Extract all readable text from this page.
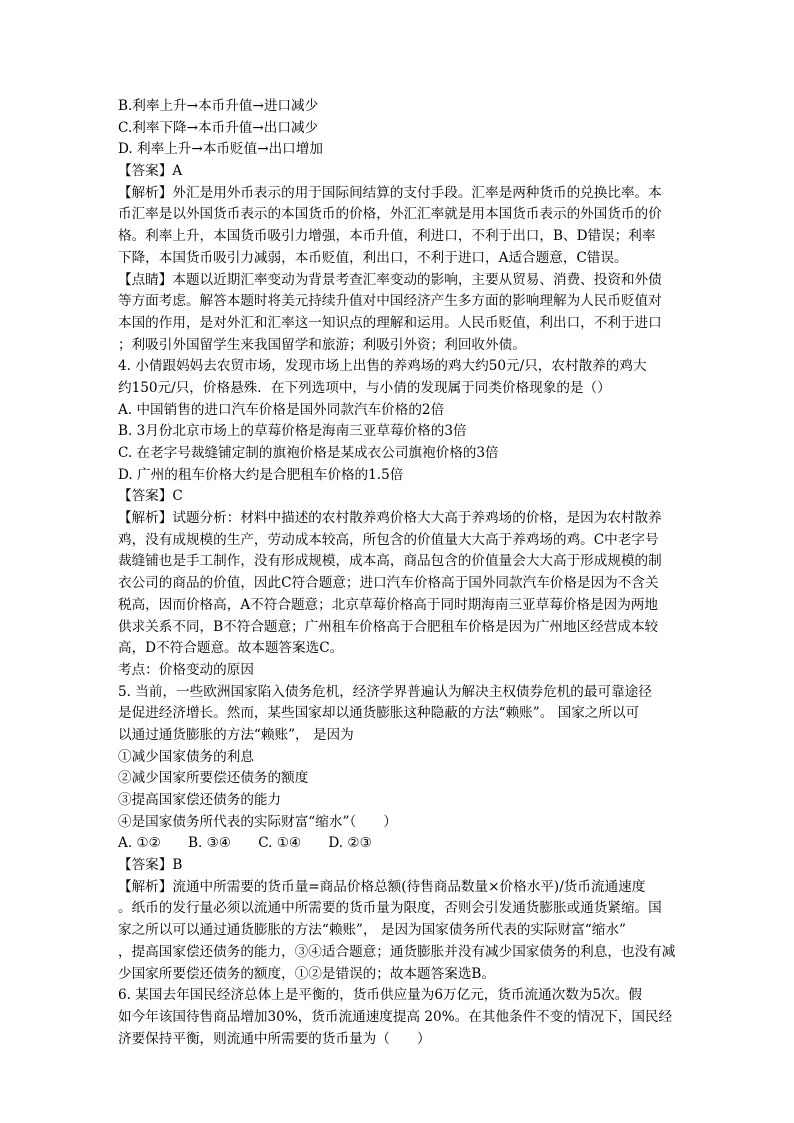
B.利率上升→本币升值→进口减少
C.利率下降→本币升值→出口减少
D. 利率上升→本币贬值→出口增加
【答案】A
【解析】外汇是用外币表示的用于国际间结算的支付手段。汇率是两种货币的兑换比率。本
币汇率是以外国货币表示的本国货币的价格，外汇汇率就是用本国货币表示的外国货币的价
格。利率上升，本国货币吸引力增强，本币升值，利进口，不利于出口，B、D错误；利率
下降，本国货币吸引力减弱，本币贬值，利出口，不利于进口，A适合题意，C错误。
【点睛】本题以近期汇率变动为背景考查汇率变动的影响，主要从贸易、消费、投资和外债
等方面考虑。解答本题时将美元持续升值对中国经济产生多方面的影响理解为人民币贬值对
本国的作用，是对外汇和汇率这一知识点的理解和运用。人民币贬值，利出口，不利于进口
；利吸引外国留学生来我国留学和旅游；利吸引外资；利回收外债。
4. 小倩跟妈妈去农贸市场，发现市场上出售的养鸡场的鸡大约50元/只，农村散养的鸡大
约150元/只，价格悬殊．在下列选项中，与小倩的发现属于同类价格现象的是（）
A. 中国销售的进口汽车价格是国外同款汽车价格的2倍
B. 3月份北京市场上的草莓价格是海南三亚草莓价格的3倍
C. 在老字号裁缝铺定制的旗袍价格是某成衣公司旗袍价格的3倍
D. 广州的租车价格大约是合肥租车价格的1.5倍
【答案】C
【解析】试题分析：材料中描述的农村散养鸡价格大大高于养鸡场的价格，是因为农村散养
鸡，没有成规模的生产，劳动成本较高，所包含的价值量大大高于养鸡场的鸡。C中老字号
裁缝铺也是手工制作，没有形成规模，成本高，商品包含的价值量会大大高于形成规模的制
衣公司的商品的价值，因此C符合题意；进口汽车价格高于国外同款汽车价格是因为不含关
税高，因而价格高，A不符合题意；北京草莓价格高于同时期海南三亚草莓价格是因为两地
供求关系不同，B不符合题意；广州租车价格高于合肥租车价格是因为广州地区经营成本较
高，D不符合题意。故本题答案选C。
考点：价格变动的原因
5. 当前，一些欧洲国家陷入债务危机，经济学界普遍认为解决主权债券危机的最可靠途径
是促进经济增长。然而，某些国家却以通货膨胀这种隐蔽的方法“赖账”。 国家之所以可
以通过通货膨胀的方法“赖账”， 是因为
①减少国家债务的利息
②减少国家所要偿还债务的额度
③提高国家偿还债务的能力
④是国家债务所代表的实际财富“缩水”（　　）
A. ①②　　B. ③④　　C. ①④　　D. ②③
【答案】B
【解析】流通中所需要的货币量=商品价格总额(待售商品数量×价格水平)/货币流通速度
。纸币的发行量必须以流通中所需要的货币量为限度，否则会引发通货膨胀或通货紧缩。国
家之所以可以通过通货膨胀的方法“赖账”， 是因为国家债务所代表的实际财富“缩水”
，提高国家偿还债务的能力，③④适合题意；通货膨胀并没有减少国家债务的利息，也没有减
少国家所要偿还债务的额度，①②是错误的；故本题答案选B。
6. 某国去年国民经济总体上是平衡的，货币供应量为6万亿元，货币流通次数为5次。假
如今年该国待售商品增加30%，货币流通速度提高 20%。在其他条件不变的情况下，国民经
济要保持平衡，则流通中所需要的货币量为（　　）
